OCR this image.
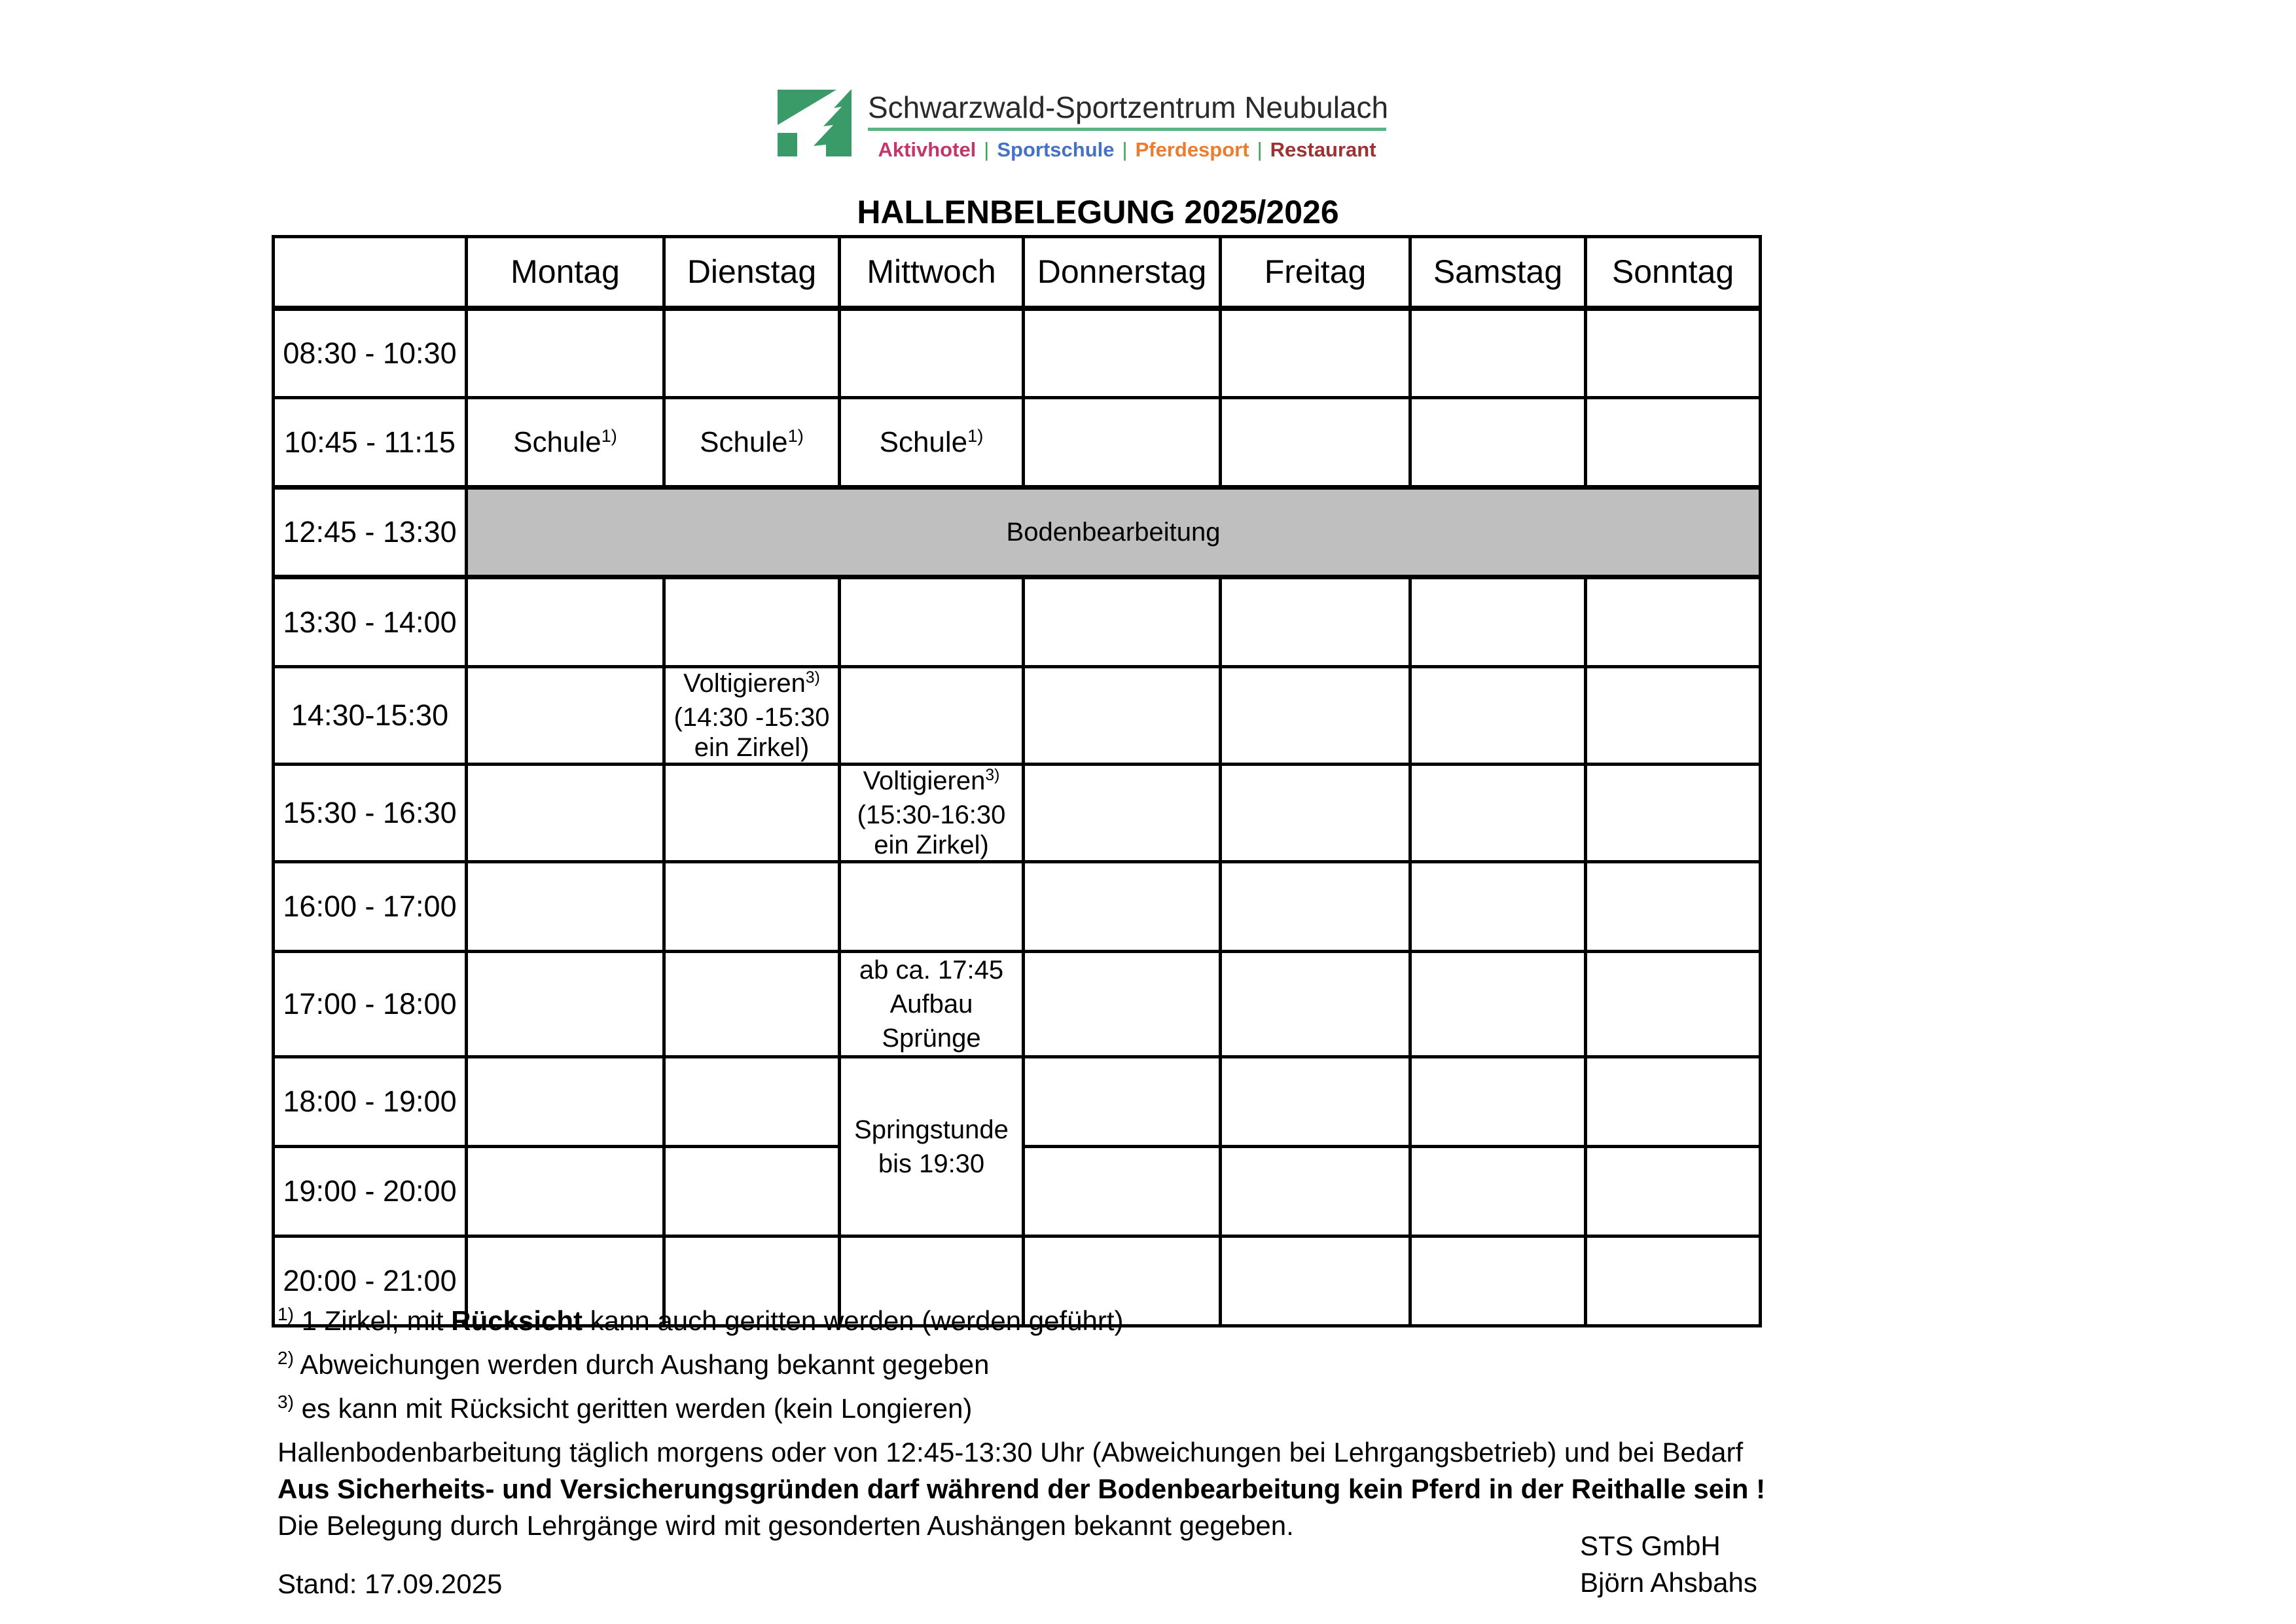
Schwarzwald-Sportzentrum Neubulach
Aktivhotel | Sportschule | Pferdesport | Restaurant
HALLENBELEGUNG 2025/2026
	Montag	Dienstag	Mittwoch	Donnerstag	Freitag	Samstag	Sonntag
08:30 - 10:30							
10:45 - 11:15	Schule$^{1)}$	Schule$^{1)}$	Schule$^{1)}$				
12:45 - 13:30	Bodenbearbeitung						
13:30 - 14:00							
14:30-15:30		Voltigieren$^{3)}$
(14:30 -15:30
ein Zirkel)					

15:30 - 16:30			Voltigieren$^{3)}$
(15:30-16:30
ein Zirkel)				

16:00 - 17:00							
17:00 - 18:00			ab ca. 17:45
Aufbau Sprünge				

18:00 - 19:00			Springstunde
bis 19:30				

19:00 - 20:00							
20:00 - 21:00							
$^{1)}$ 1 Zirkel; mit Rücksicht kann auch geritten werden (werden geführt)
$^{2)}$ Abweichungen werden durch Aushang bekannt gegeben
$^{3)}$ es kann mit Rücksicht geritten werden (kein Longieren)
Hallenbodenbarbeitung täglich morgens oder von 12:45-13:30 Uhr (Abweichungen bei Lehrgangsbetrieb) und bei Bedarf
Aus Sicherheits- und Versicherungsgründen darf während der Bodenbearbeitung kein Pferd in der Reithalle sein !
Die Belegung durch Lehrgänge wird mit gesonderten Aushängen bekannt gegeben.
STS GmbH
Björn Ahsbahs
Stand: 17.09.2025
